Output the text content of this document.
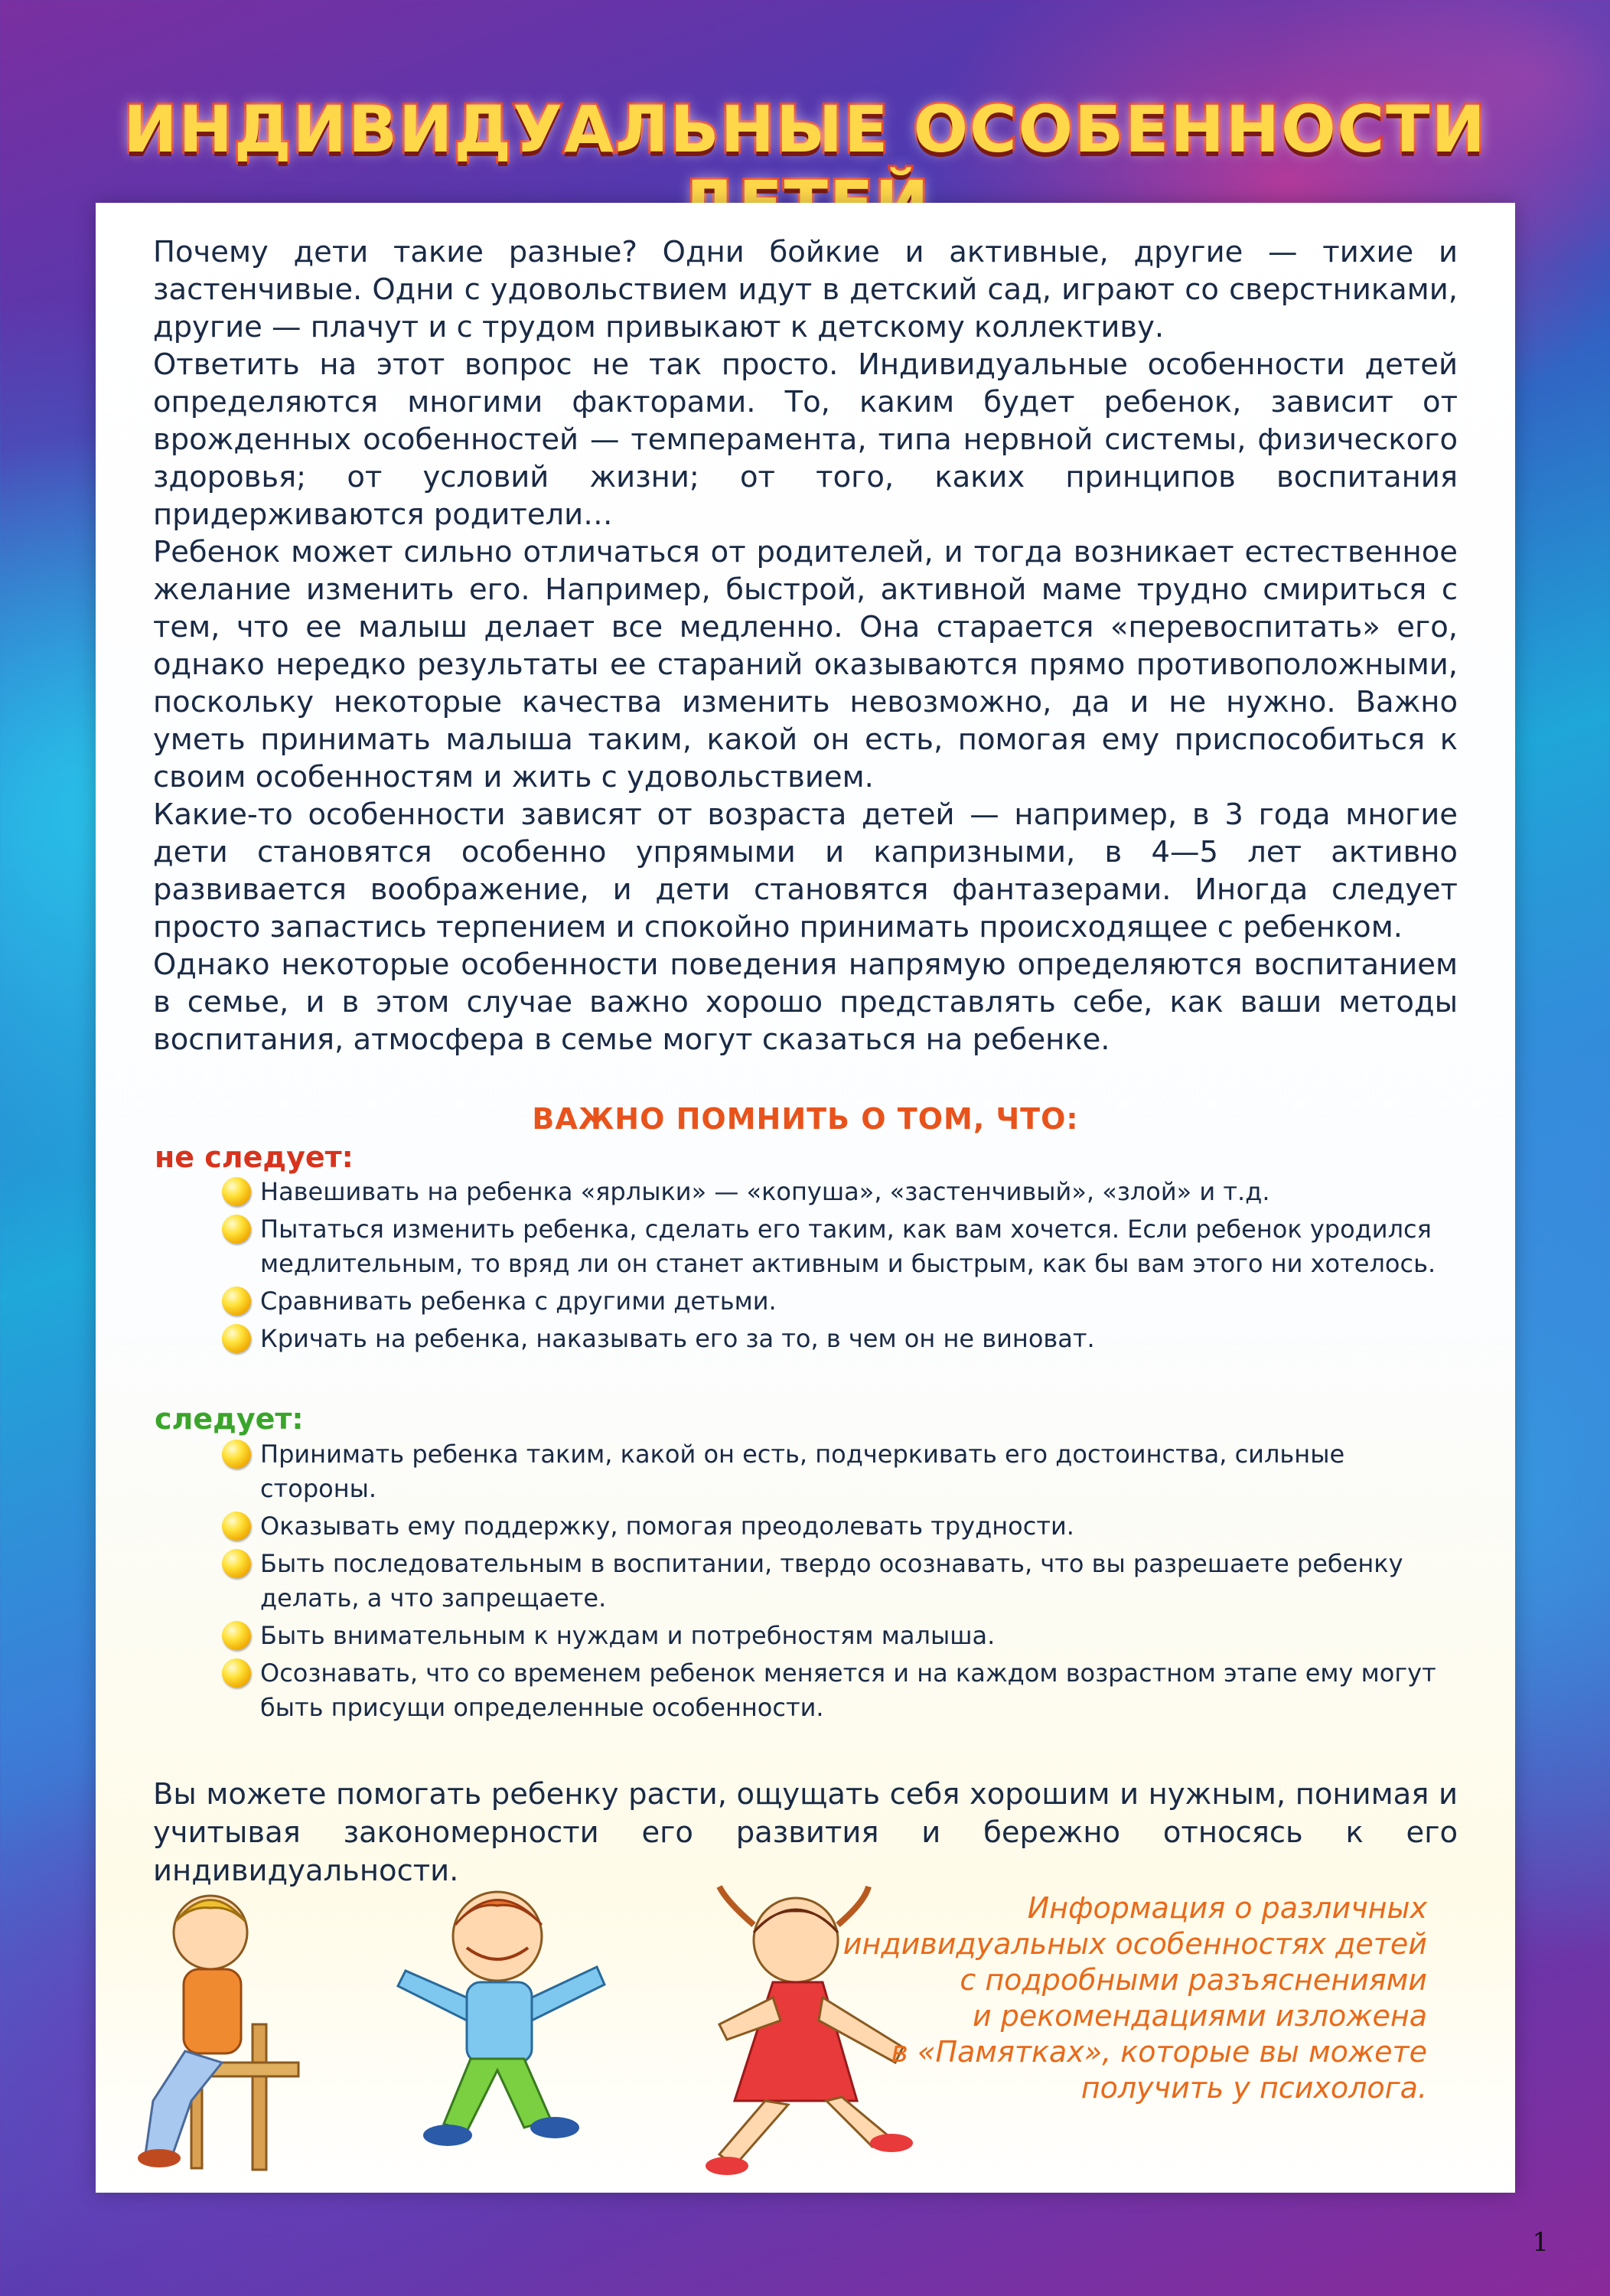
ИНДИВИДУАЛЬНЫЕ ОСОБЕННОСТИ

Почему дети такие разные? Одни бойкие и активные, другие — тихие и застенчивые. Одни с удовольствием идут в детский сад, играют со сверстниками, другие — плачут и с трудом привыкают к детскому коллективу.

Ответить на этот вопрос не так просто. Индивидуальные особенности детей определяются многими факторами. То, каким будет ребенок, зависит от врожденных особенностей — темперамента, типа нервной системы, физического здоровья; от условий жизни; от того, каких принципов воспитания придерживаются родители…

Ребенок может сильно отличаться от родителей, и тогда возникает естественное желание изменить его. Например, быстрой, активной маме трудно смириться с тем, что ее малыш делает все медленно. Она старается «перевоспитать» его, однако нередко результаты ее стараний оказываются прямо противоположными, поскольку некоторые качества изменить невозможно, да и не нужно. Важно уметь принимать малыша таким, какой он есть, помогая ему приспособиться к своим особенностям и жить с удовольствием.

Какие-то особенности зависят от возраста детей — например, в 3 года многие дети становятся особенно упрямыми и капризными, в 4—5 лет активно развивается воображение, и дети становятся фантазерами. Иногда следует просто запастись терпением и спокойно принимать происходящее с ребенком.

Однако некоторые особенности поведения напрямую определяются воспитанием в семье, и в этом случае важно хорошо представлять себе, как ваши методы воспитания, атмосфера в семье могут сказаться на ребенке.

ВАЖНО ПОМНИТЬ О ТОМ, ЧТО:
не следует:
Навешивать на ребенка «ярлыки» — «копуша», «застенчивый», «злой» и т.д.
Пытаться изменить ребенка, сделать его таким, как вам хочется. Если ребенок уродился медлительным, то вряд ли он станет активным и быстрым, как бы вам этого ни хотелось.
Сравнивать ребенка с другими детьми.
Кричать на ребенка, наказывать его за то, в чем он не виноват.
следует:
Принимать ребенка таким, какой он есть, подчеркивать его достоинства, сильные стороны.
Оказывать ему поддержку, помогая преодолевать трудности.
Быть последовательным в воспитании, твердо осознавать, что вы разрешаете ребенку делать, а что запрещаете.
Быть внимательным к нуждам и потребностям малыша.
Осознавать, что со временем ребенок меняется и на каждом возрастном этапе ему могут быть присущи определенные особенности.
Вы можете помогать ребенку расти, ощущать себя хорошим и нужным, понимая и учитывая закономерности его развития и бережно относясь к его индивидуальности.
Информация о различных
индивидуальных особенностях детей
с подробными разъяснениями
и рекомендациями изложена
в «Памятках», которые вы можете
получить у психолога.
1
